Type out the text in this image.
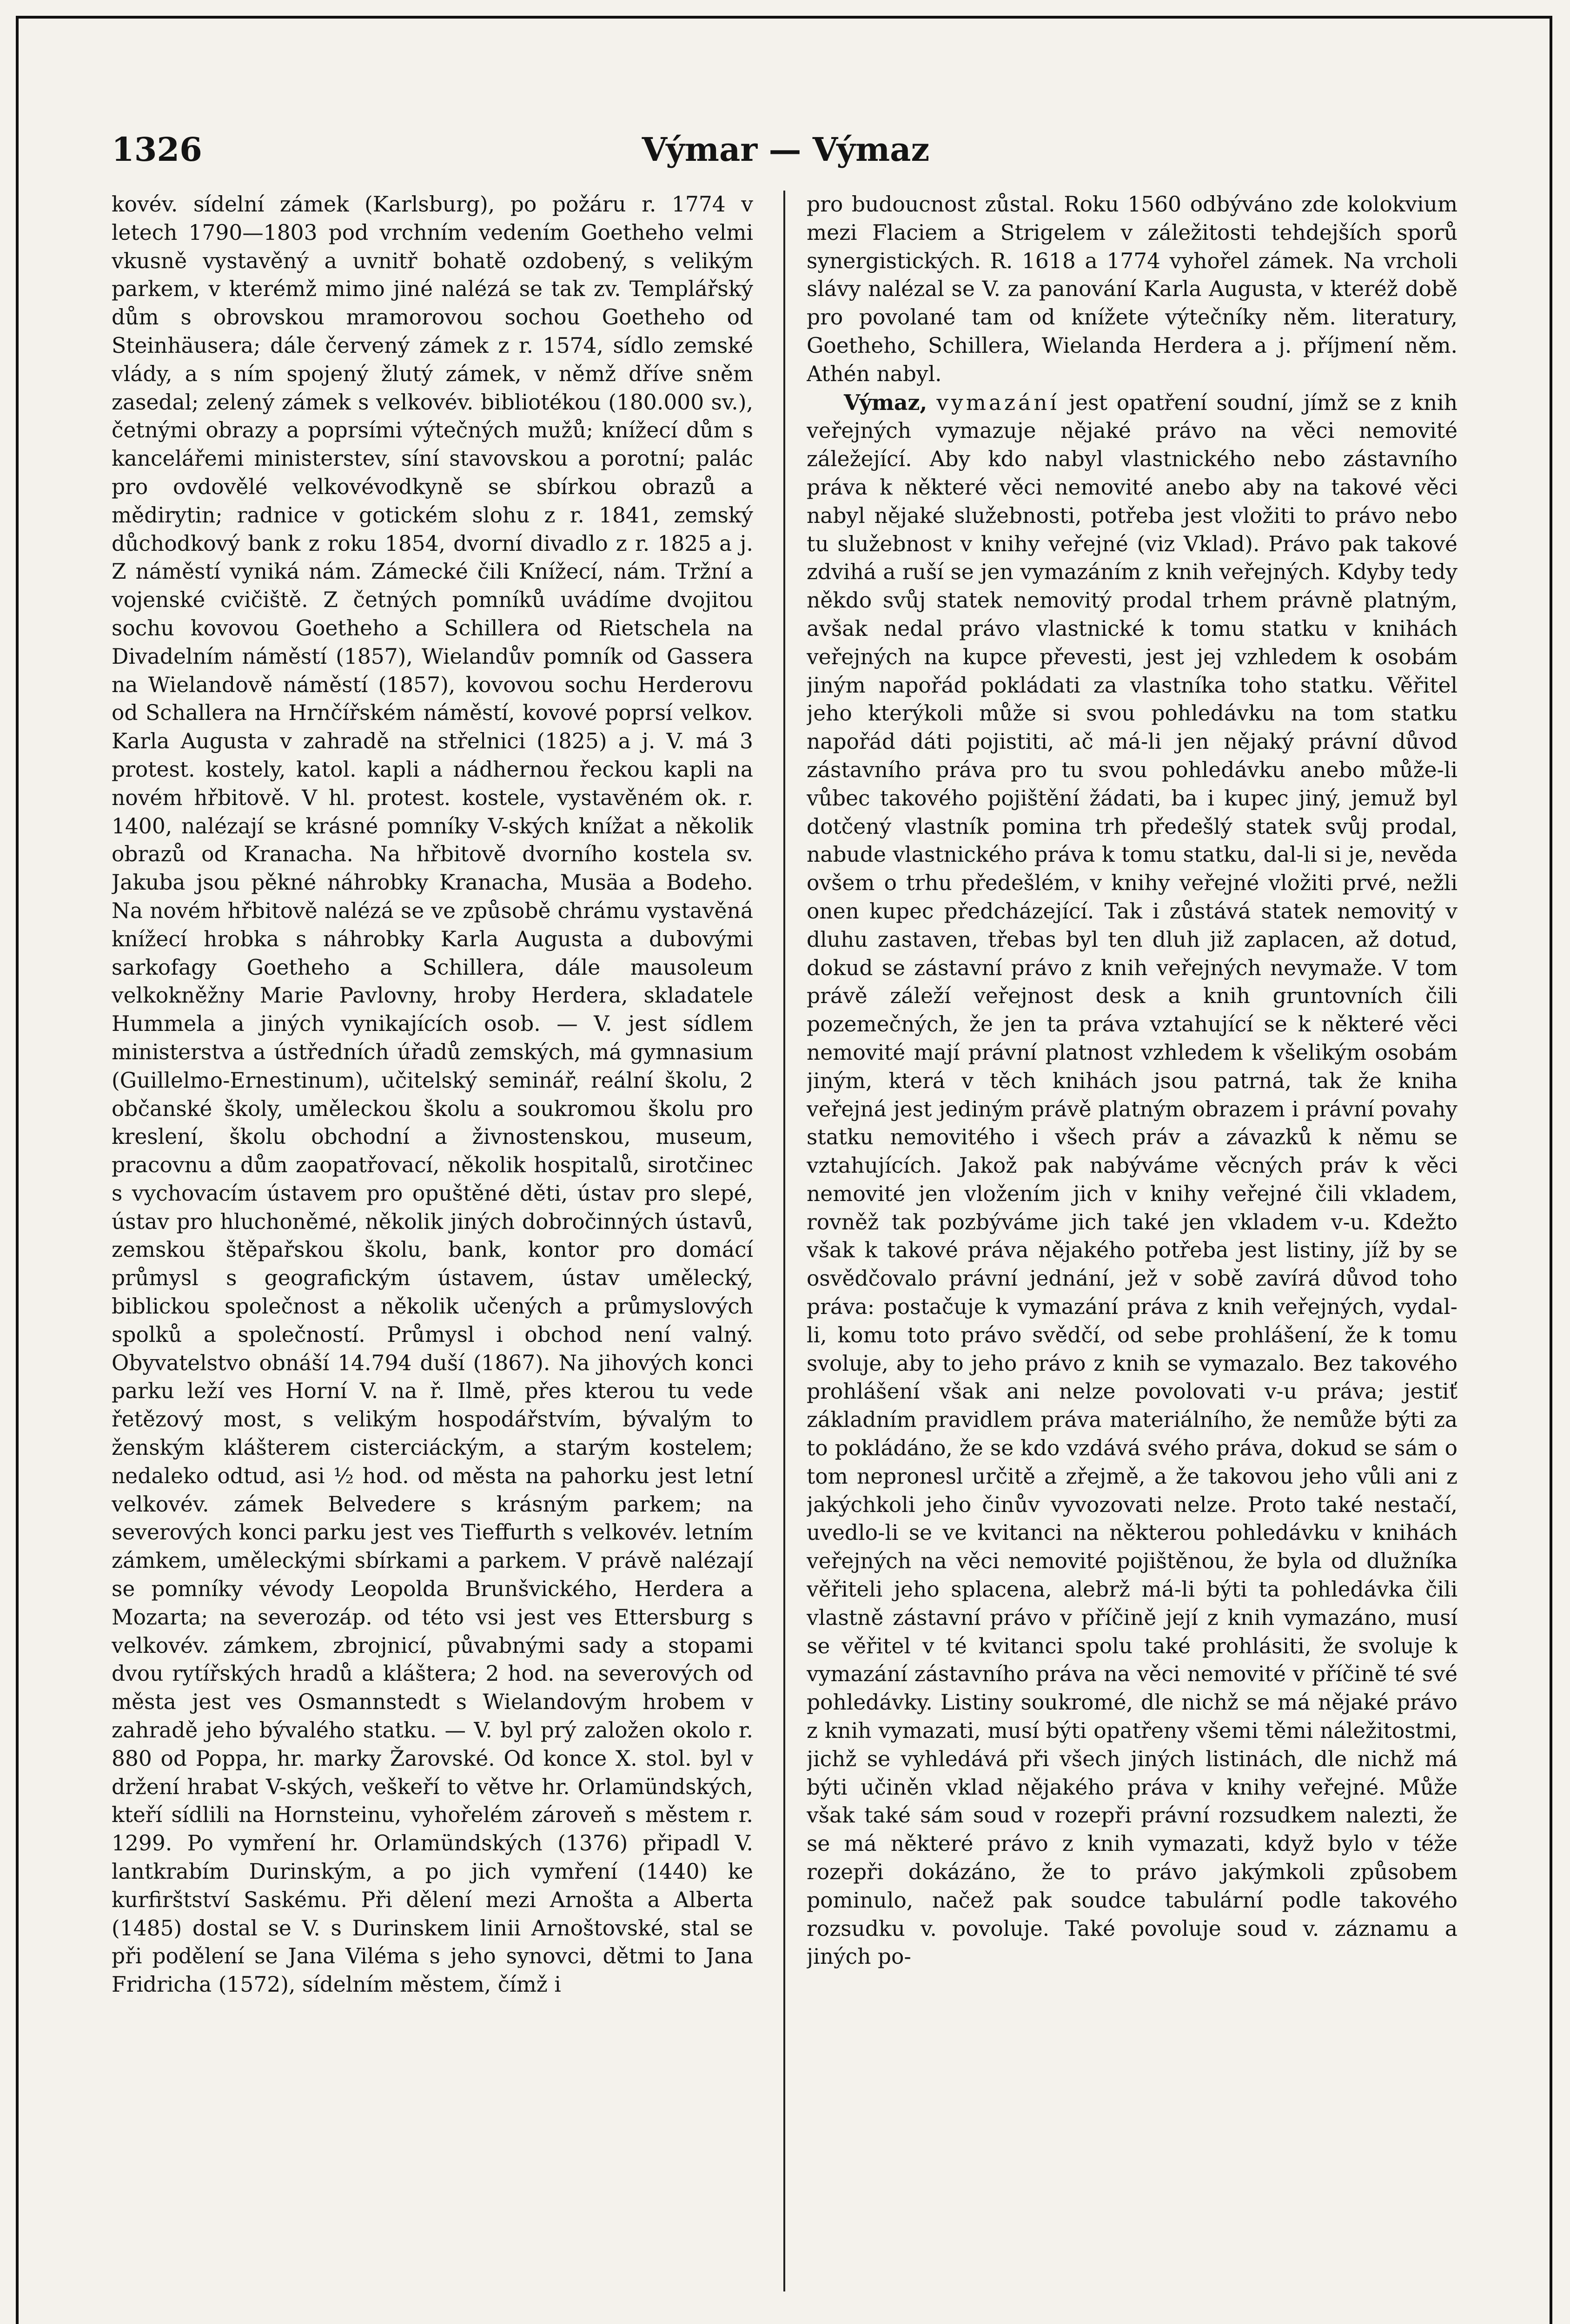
1326	Výmar — Výmaz

kovév. sídelní zámek (Karlsburg), po požáru r. 1774 v letech 1790—1803 pod vrchním vedením Goetheho velmi vkusně vystavěný a uvnitř bohatě ozdobený, s velikým parkem, v kterémž mimo jiné nalézá se tak zv. Templářský dům s obrovskou mramorovou sochou Goetheho od Steinhäusera; dále červený zámek z r. 1574, sídlo zemské vlády, a s ním spojený žlutý zámek, v němž dříve sněm zasedal; zelený zámek s velkovév. bibliotékou (180.000 sv.), četnými obrazy a poprsími výtečných mužů; knížecí dům s kancelářemi ministerstev, síní stavovskou a porotní; palác pro ovdovělé velkovévodkyně se sbírkou obrazů a mědirytin; radnice v gotickém slohu z r. 1841, zemský důchodkový bank z roku 1854, dvorní divadlo z r. 1825 a j. Z náměstí vyniká nám. Zámecké čili Knížecí, nám. Tržní a vojenské cvičiště. Z četných pomníků uvádíme dvojitou sochu kovovou Goetheho a Schillera od Rietschela na Divadelním náměstí (1857), Wielandův pomník od Gassera na Wielandově náměstí (1857), kovovou sochu Herderovu od Schallera na Hrnčířském náměstí, kovové poprsí velkov. Karla Augusta v zahradě na střelnici (1825) a j. V. má 3 protest. kostely, katol. kapli a nádhernou řeckou kapli na novém hřbitově. V hl. protest. kostele, vystavěném ok. r. 1400, nalézají se krásné pomníky V-ských knížat a několik obrazů od Kranacha. Na hřbitově dvorního kostela sv. Jakuba jsou pěkné náhrobky Kranacha, Musäa a Bodeho. Na novém hřbitově nalézá se ve způsobě chrámu vystavěná knížecí hrobka s náhrobky Karla Augusta a dubovými sarkofagy Goetheho a Schillera, dále mausoleum velkokněžny Marie Pavlovny, hroby Herdera, skladatele Hummela a jiných vynikajících osob. — V. jest sídlem ministerstva a ústředních úřadů zemských, má gymnasium (Guillelmo-Ernestinum), učitelský seminář, reální školu, 2 občanské školy, uměleckou školu a soukromou školu pro kreslení, školu obchodní a živnostenskou, museum, pracovnu a dům zaopatřovací, několik hospitalů, sirotčinec s vychovacím ústavem pro opuštěné děti, ústav pro slepé, ústav pro hluchoněmé, několik jiných dobročinných ústavů, zemskou štěpařskou školu, bank, kontor pro domácí průmysl s geografickým ústavem, ústav umělecký, biblickou společnost a několik učených a průmyslových spolků a společností. Průmysl i obchod není valný. Obyvatelstvo obnáší 14.794 duší (1867). Na jihových konci parku leží ves Horní V. na ř. Ilmě, přes kterou tu vede řetězový most, s velikým hospodářstvím, bývalým to ženským klášterem cisterciáckým, a starým kostelem; nedaleko odtud, asi ½ hod. od města na pahorku jest letní velkovév. zámek Belvedere s krásným parkem; na severových konci parku jest ves Tieffurth s velkovév. letním zámkem, uměleckými sbírkami a parkem. V právě nalézají se pomníky vévody Leopolda Brunšvického, Herdera a Mozarta; na severozáp. od této vsi jest ves Ettersburg s velkovév. zámkem, zbrojnicí, půvabnými sady a stopami dvou rytířských hradů a kláštera; 2 hod. na severových od města jest ves Osmannstedt s Wielandovým hrobem v zahradě jeho bývalého statku. — V. byl prý založen okolo r. 880 od Poppa, hr. marky Žarovské. Od konce X. stol. byl v držení hrabat V-ských, veškeří to větve hr. Orlamündských, kteří sídlili na Hornsteinu, vyhořelém zároveň s městem r. 1299. Po vymření hr. Orlamündských (1376) připadl V. lantkrabím Durinským, a po jich vymření (1440) ke kurfirštství Saskému. Při dělení mezi Arnošta a Alberta (1485) dostal se V. s Durinskem linii Arnoštovské, stal se při podělení se Jana Viléma s jeho synovci, dětmi to Jana Fridricha (1572), sídelním městem, čímž i

pro budoucnost zůstal. Roku 1560 odbýváno zde kolokvium mezi Flaciem a Strigelem v záležitosti tehdejších sporů synergistických. R. 1618 a 1774 vyhořel zámek. Na vrcholi slávy nalézal se V. za panování Karla Augusta, v kteréž době pro povolané tam od knížete výtečníky něm. literatury, Goetheho, Schillera, Wielanda Herdera a j. příjmení něm. Athén nabyl.

Výmaz, vymazání jest opatření soudní, jímž se z knih veřejných vymazuje nějaké právo na věci nemovité záležející. Aby kdo nabyl vlastnického nebo zástavního práva k některé věci nemovité anebo aby na takové věci nabyl nějaké služebnosti, potřeba jest vložiti to právo nebo tu služebnost v knihy veřejné (viz Vklad). Právo pak takové zdvihá a ruší se jen vymazáním z knih veřejných. Kdyby tedy někdo svůj statek nemovitý prodal trhem právně platným, avšak nedal právo vlastnické k tomu statku v knihách veřejných na kupce převesti, jest jej vzhledem k osobám jiným napořád pokládati za vlastníka toho statku. Věřitel jeho kterýkoli může si svou pohledávku na tom statku napořád dáti pojistiti, ač má-li jen nějaký právní důvod zástavního práva pro tu svou pohledávku anebo může-li vůbec takového pojištění žádati, ba i kupec jiný, jemuž byl dotčený vlastník pomina trh předešlý statek svůj prodal, nabude vlastnického práva k tomu statku, dal-li si je, nevěda ovšem o trhu předešlém, v knihy veřejné vložiti prvé, nežli onen kupec předcházející. Tak i zůstává statek nemovitý v dluhu zastaven, třebas byl ten dluh již zaplacen, až dotud, dokud se zástavní právo z knih veřejných nevymaže. V tom právě záleží veřejnost desk a knih gruntovních čili pozemečných, že jen ta práva vztahující se k některé věci nemovité mají právní platnost vzhledem k všelikým osobám jiným, která v těch knihách jsou patrná, tak že kniha veřejná jest jediným právě platným obrazem i právní povahy statku nemovitého i všech práv a závazků k němu se vztahujících. Jakož pak nabýváme věcných práv k věci nemovité jen vložením jich v knihy veřejné čili vkladem, rovněž tak pozbýváme jich také jen vkladem v-u. Kdežto však k takové práva nějakého potřeba jest listiny, jíž by se osvědčovalo právní jednání, jež v sobě zavírá důvod toho práva: postačuje k vymazání práva z knih veřejných, vydal-li, komu toto právo svědčí, od sebe prohlášení, že k tomu svoluje, aby to jeho právo z knih se vymazalo. Bez takového prohlášení však ani nelze povolovati v-u práva; jestiť základním pravidlem práva materiálního, že nemůže býti za to pokládáno, že se kdo vzdává svého práva, dokud se sám o tom nepronesl určitě a zřejmě, a že takovou jeho vůli ani z jakýchkoli jeho činův vyvozovati nelze. Proto také nestačí, uvedlo-li se ve kvitanci na některou pohledávku v knihách veřejných na věci nemovité pojištěnou, že byla od dlužníka věřiteli jeho splacena, alebrž má-li býti ta pohledávka čili vlastně zástavní právo v příčině její z knih vymazáno, musí se věřitel v té kvitanci spolu také prohlásiti, že svoluje k vymazání zástavního práva na věci nemovité v příčině té své pohledávky. Listiny soukromé, dle nichž se má nějaké právo z knih vymazati, musí býti opatřeny všemi těmi náležitostmi, jichž se vyhledává při všech jiných listinách, dle nichž má býti učiněn vklad nějakého práva v knihy veřejné. Může však také sám soud v rozepři právní rozsudkem nalezti, že se má některé právo z knih vymazati, když bylo v téže rozepři dokázáno, že to právo jakýmkoli způsobem pominulo, načež pak soudce tabulární podle takového rozsudku v. povoluje. Také povoluje soud v. záznamu a jiných po-
